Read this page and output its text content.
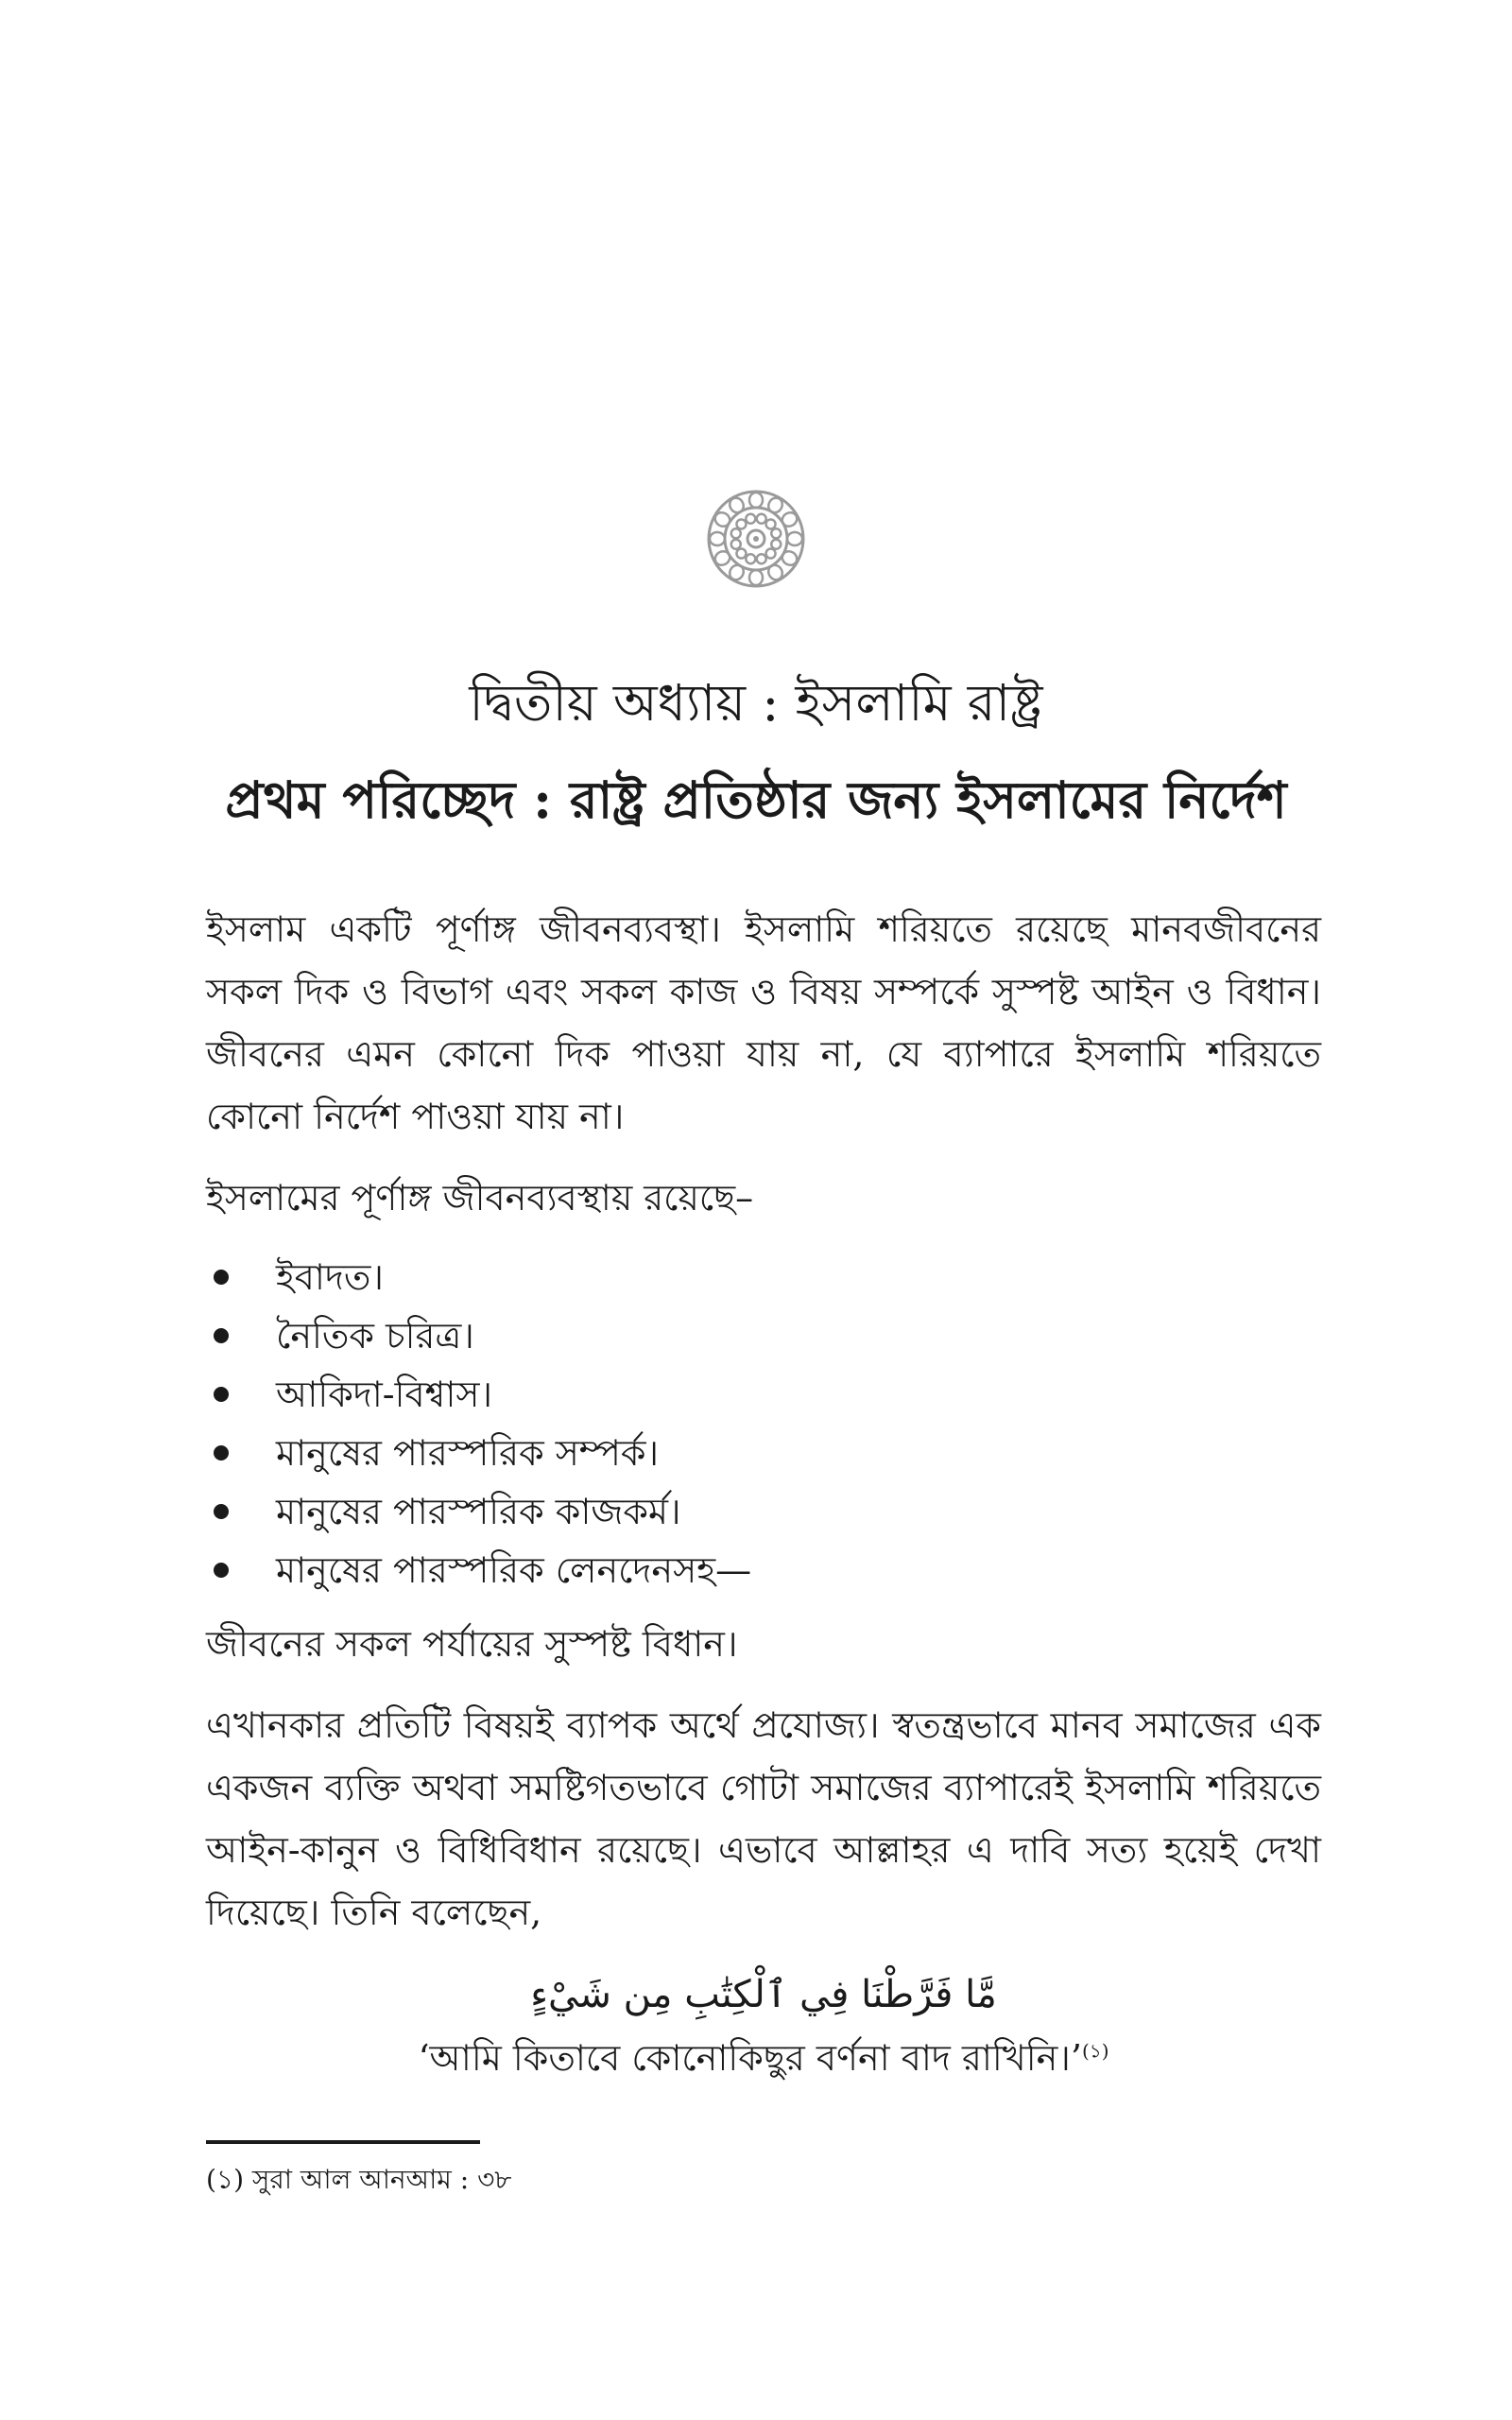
দ্বিতীয় অধ্যায় : ইসলামি রাষ্ট্র
প্রথম পরিচ্ছেদ : রাষ্ট্র প্রতিষ্ঠার জন্য ইসলামের নির্দেশ

ইসলাম একটি পূর্ণাঙ্গ জীবনব্যবস্থা। ইসলামি শরিয়তে রয়েছে মানবজীবনের সকল দিক ও বিভাগ এবং সকল কাজ ও বিষয় সম্পর্কে সুস্পষ্ট আইন ও বিধান। জীবনের এমন কোনো দিক পাওয়া যায় না, যে ব্যাপারে ইসলামি শরিয়তে কোনো নির্দেশ পাওয়া যায় না।

ইসলামের পূর্ণাঙ্গ জীবনব্যবস্থায় রয়েছে–

ইবাদত।
নৈতিক চরিত্র।
আকিদা-বিশ্বাস।
মানুষের পারস্পরিক সম্পর্ক।
মানুষের পারস্পরিক কাজকর্ম।
মানুষের পারস্পরিক লেনদেনসহ—

জীবনের সকল পর্যায়ের সুস্পষ্ট বিধান।

এখানকার প্রতিটি বিষয়ই ব্যাপক অর্থে প্রযোজ্য। স্বতন্ত্রভাবে মানব সমাজের এক একজন ব্যক্তি অথবা সমষ্টিগতভাবে গোটা সমাজের ব্যাপারেই ইসলামি শরিয়তে আইন-কানুন ও বিধিবিধান রয়েছে। এভাবে আল্লাহর এ দাবি সত্য হয়েই দেখা দিয়েছে। তিনি বলেছেন,

مَّا فَرَّطْنَا فِي ٱلْكِتَٰبِ مِن شَيْءٍ

‘আমি কিতাবে কোনোকিছুর বর্ণনা বাদ রাখিনি।’$^{(১)}$

(১) সুরা আল আনআম : ৩৮
